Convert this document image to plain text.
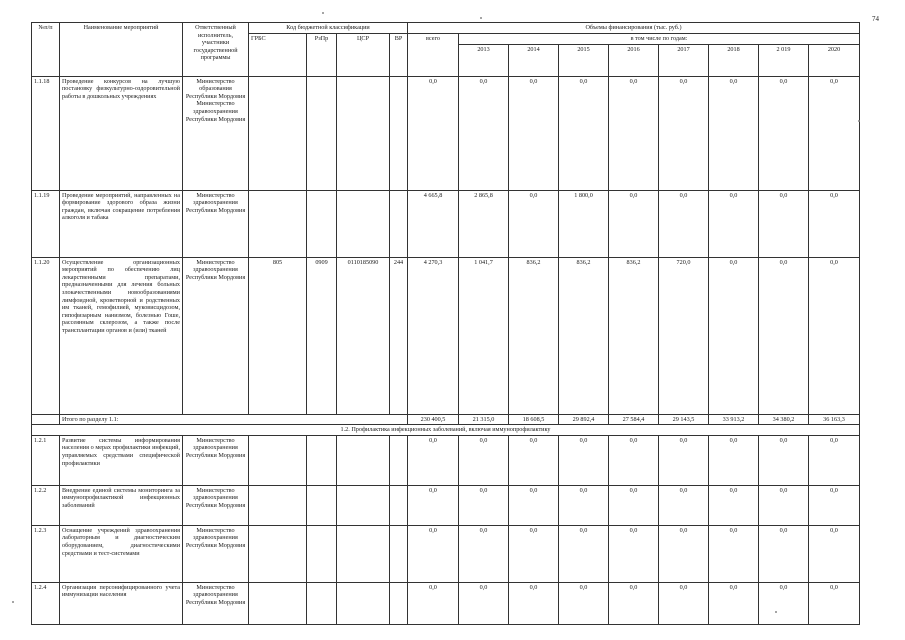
74
№п/п	Наименование мероприятий	Ответственный исполнитель, участники государственной программы	Код бюджетной классификации				Объемы финансирования (тыс. руб.)								
			ГРБС	РзПр	ЦСР	ВР	всего	в том числе по годам:							
								2013	2014	2015	2016	2017	2018	2 019	2020
1.1.18	Проведение конкурсов на лучшую постановку физкультурно-оздоровительной работы в дошкольных учреждениях	Министерство образования Республики Мордовия Министерство здравоохранения Республики Мордовия					0,0	0,0	0,0	0,0	0,0	0,0	0,0	0,0	0,0
1.1.19	Проведение мероприятий, направленных на формирование здорового образа жизни граждан, включая сокращение потребления алкоголя и табака	Министерство здравоохранения Республики Мордовия					4 665,8	2 865,8	0,0	1 800,0	0,0	0,0	0,0	0,0	0,0
1.1.20	Осуществление организационных мероприятий по обеспечению лиц лекарственными препаратами, предназначенными для лечения больных злокачественными новообразованиями лимфоидной, кроветворной и родственных им тканей, гемофилией, муковисцидозом, гипофизарным нанизмом, болезнью Гоше, рассеянным склерозом, а также после трансплантации органов и (или) тканей	Министерство здравоохранения Республики Мордовия	805	0909	0110185090	244	4 270,3	1 041,7	836,2	836,2	836,2	720,0	0,0	0,0	0,0
	Итого по разделу 1.1:						230 400,5	21 315,0	18 608,5	29 892,4	27 584,4	29 143,5	33 913,2	34 380,2	36 163,3
1.2. Профилактика инфекционных заболеваний, включая иммунопрофилактику															
1.2.1	Развитие системы информирования населения о мерах профилактики инфекций, управляемых средствами специфической профилактики	Министерство здравоохранения Республики Мордовия					0,0	0,0	0,0	0,0	0,0	0,0	0,0	0,0	0,0
1.2.2	Внедрение единой системы мониторинга за иммунопрофилактикой инфекционных заболеваний	Министерство здравоохранения Республики Мордовия					0,0	0,0	0,0	0,0	0,0	0,0	0,0	0,0	0,0
1.2.3	Оснащение учреждений здравоохранения лабораторным и диагностическим оборудованием, диагностическими средствами и тест-системами	Министерство здравоохранения Республики Мордовия					0,0	0,0	0,0	0,0	0,0	0,0	0,0	0,0	0,0
1.2.4	Организация персонифицированного учета иммунизации населения	Министерство здравоохранения Республики Мордовия					0,0	0,0	0,0	0,0	0,0	0,0	0,0	0,0	0,0
